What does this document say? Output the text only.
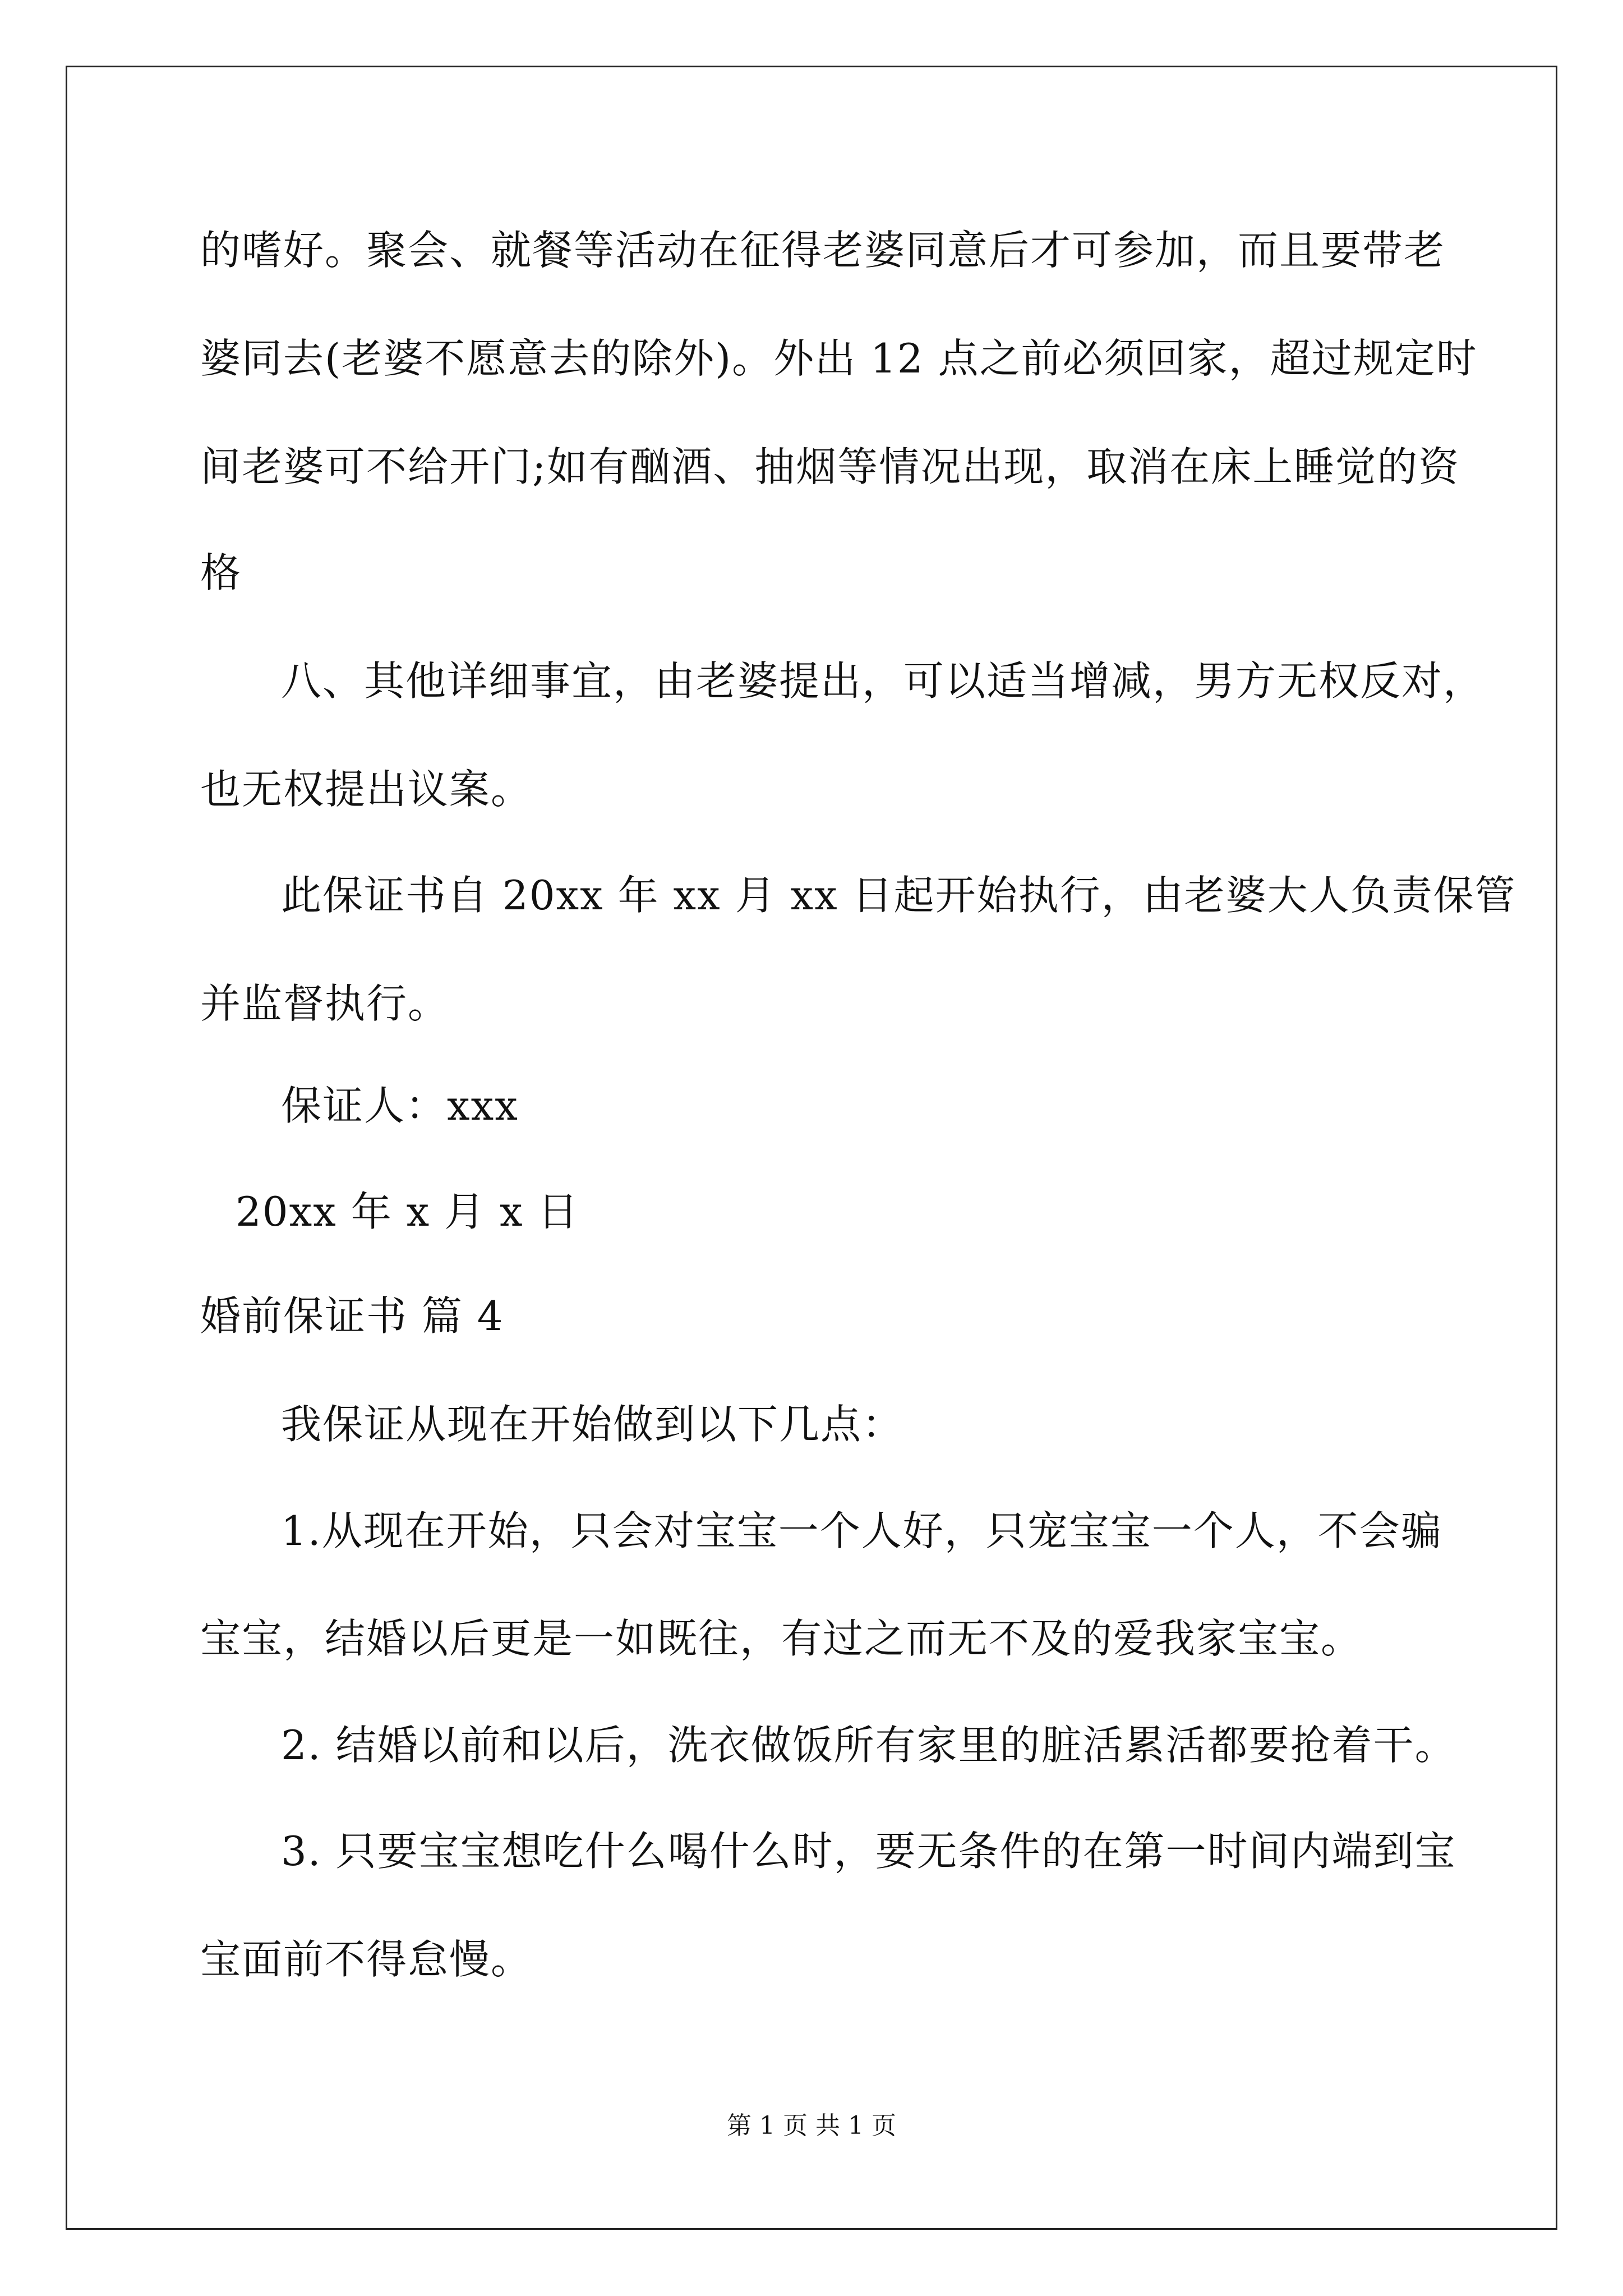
的嗜好。聚会、就餐等活动在征得老婆同意后才可参加，而且要带老
婆同去(老婆不愿意去的除外)。外出 12 点之前必须回家，超过规定时
间老婆可不给开门;如有酗酒、抽烟等情况出现，取消在床上睡觉的资
格
八、其他详细事宜，由老婆提出，可以适当增减，男方无权反对，
也无权提出议案。
此保证书自 20xx 年 xx 月 xx 日起开始执行，由老婆大人负责保管
并监督执行。
保证人：xxx
20xx 年 x 月 x 日
婚前保证书 篇 4
我保证从现在开始做到以下几点：
1.从现在开始，只会对宝宝一个人好，只宠宝宝一个人，不会骗
宝宝，结婚以后更是一如既往，有过之而无不及的爱我家宝宝。
2. 结婚以前和以后，洗衣做饭所有家里的脏活累活都要抢着干。
3. 只要宝宝想吃什么喝什么时，要无条件的在第一时间内端到宝
宝面前不得怠慢。
第 1 页 共 1 页
